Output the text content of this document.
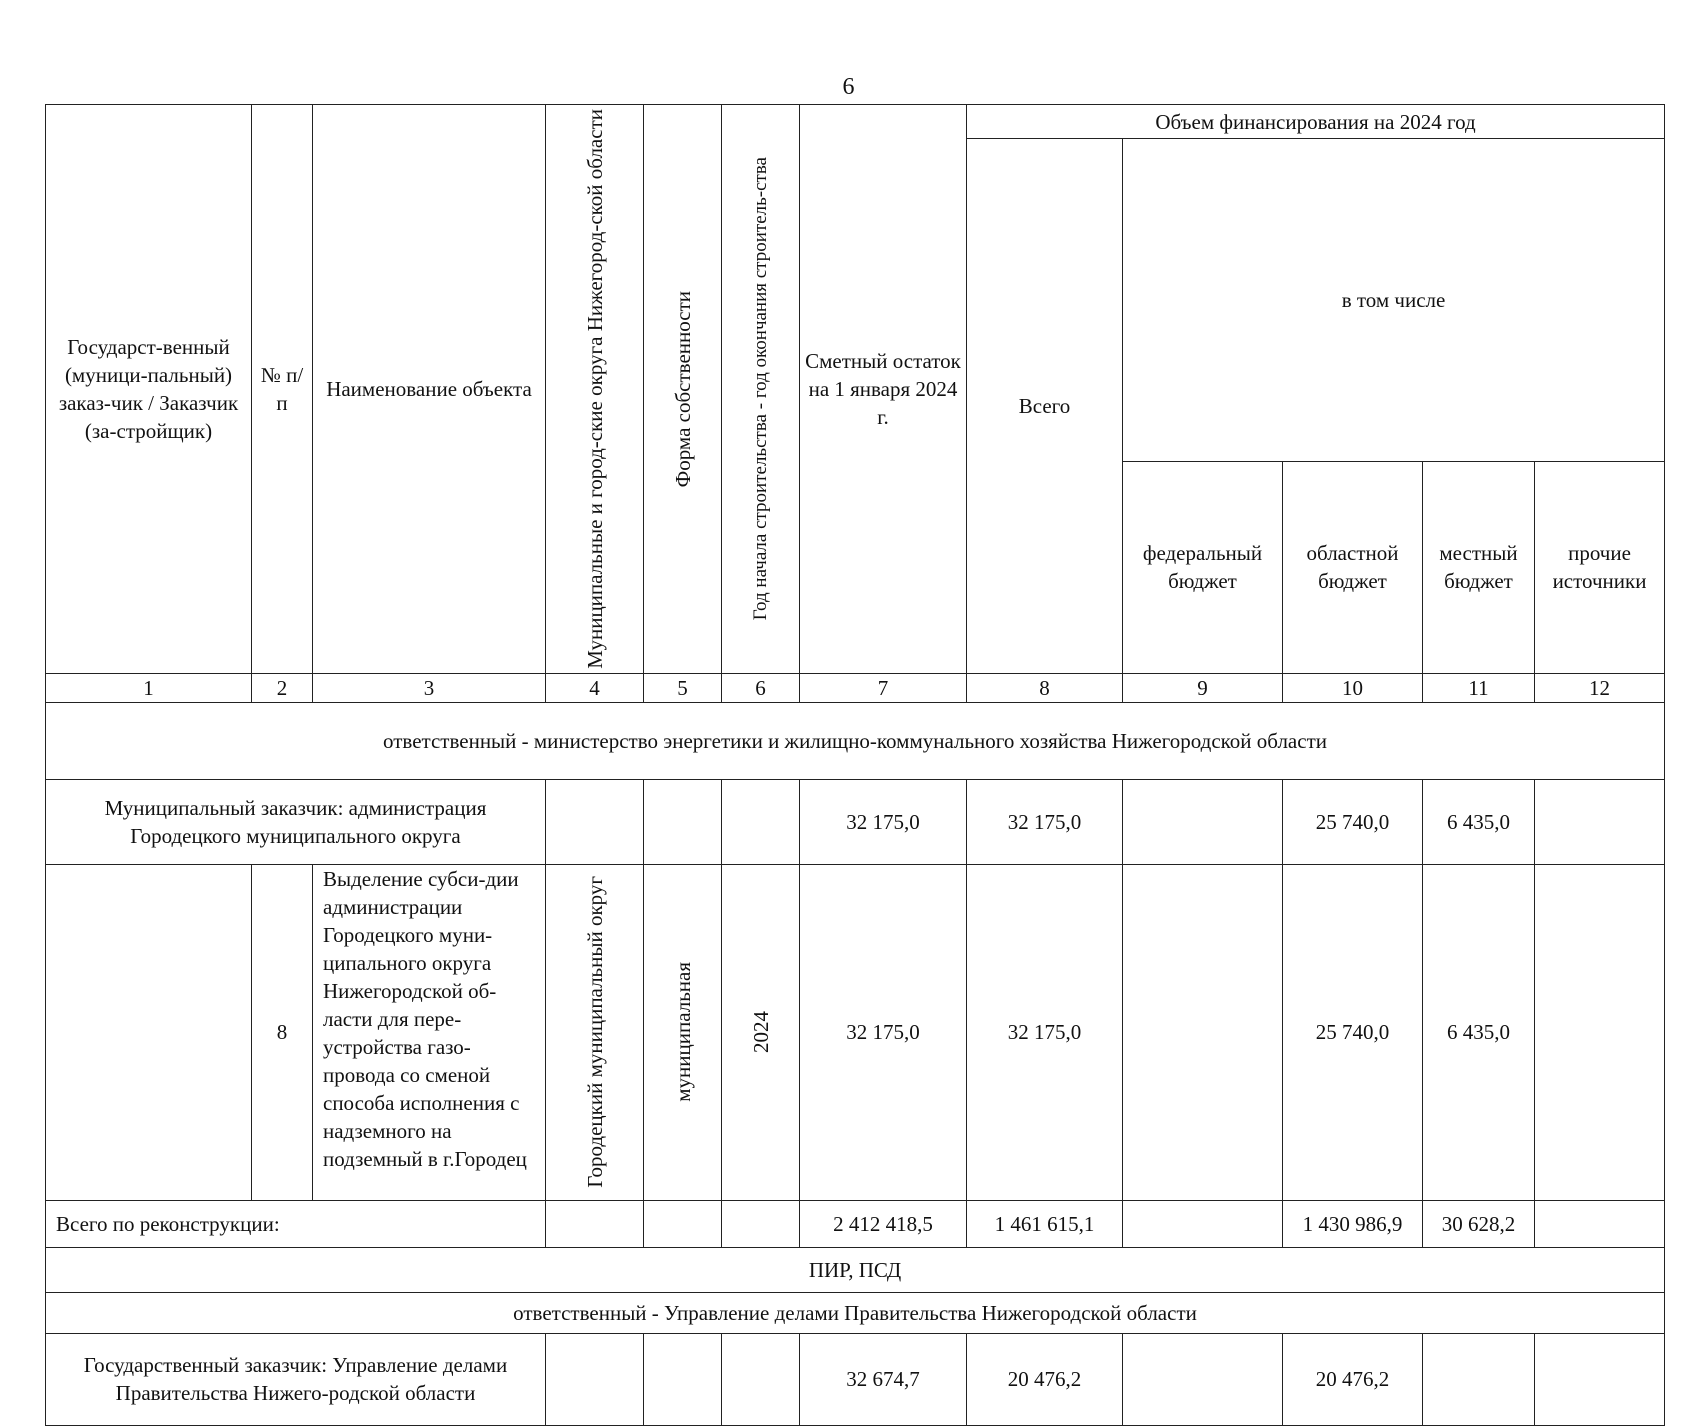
6
Государст-венный (муници-пальный) заказ-чик / Заказчик (за-стройщик)	№ п/п	Наименование объекта	Муниципальные и город-ские округа Нижегород-ской области	Форма собственности	Год начала строительства - год окончания строитель-ства	Сметный остаток на 1 января 2024 г.	Объем финансирования на 2024 год				
							Всего	в том числе			
								федеральный бюджет	областной бюджет	местный бюджет	прочие источники
1	2	3	4	5	6	7	8	9	10	11	12
ответственный - министерство энергетики и жилищно-коммунального хозяйства Нижегородской области											
Муниципальный заказчик: администрация Городецкого муниципального округа						32 175,0	32 175,0		25 740,0	6 435,0	
	8	Выделение субси-дии администрации Городецкого муни-ципального округа Нижегородской об-ласти для пере-устройства газо-провода со сменой способа исполнения с надземного на подземный в г.Городец	Городецкий муниципальный округ	муниципальная	2024	32 175,0	32 175,0		25 740,0	6 435,0	
Всего по реконструкции:						2 412 418,5	1 461 615,1		1 430 986,9	30 628,2	
ПИР, ПСД											
ответственный - Управление делами Правительства Нижегородской области											
Государственный заказчик: Управление делами Правительства Нижего-родской области						32 674,7	20 476,2		20 476,2		
